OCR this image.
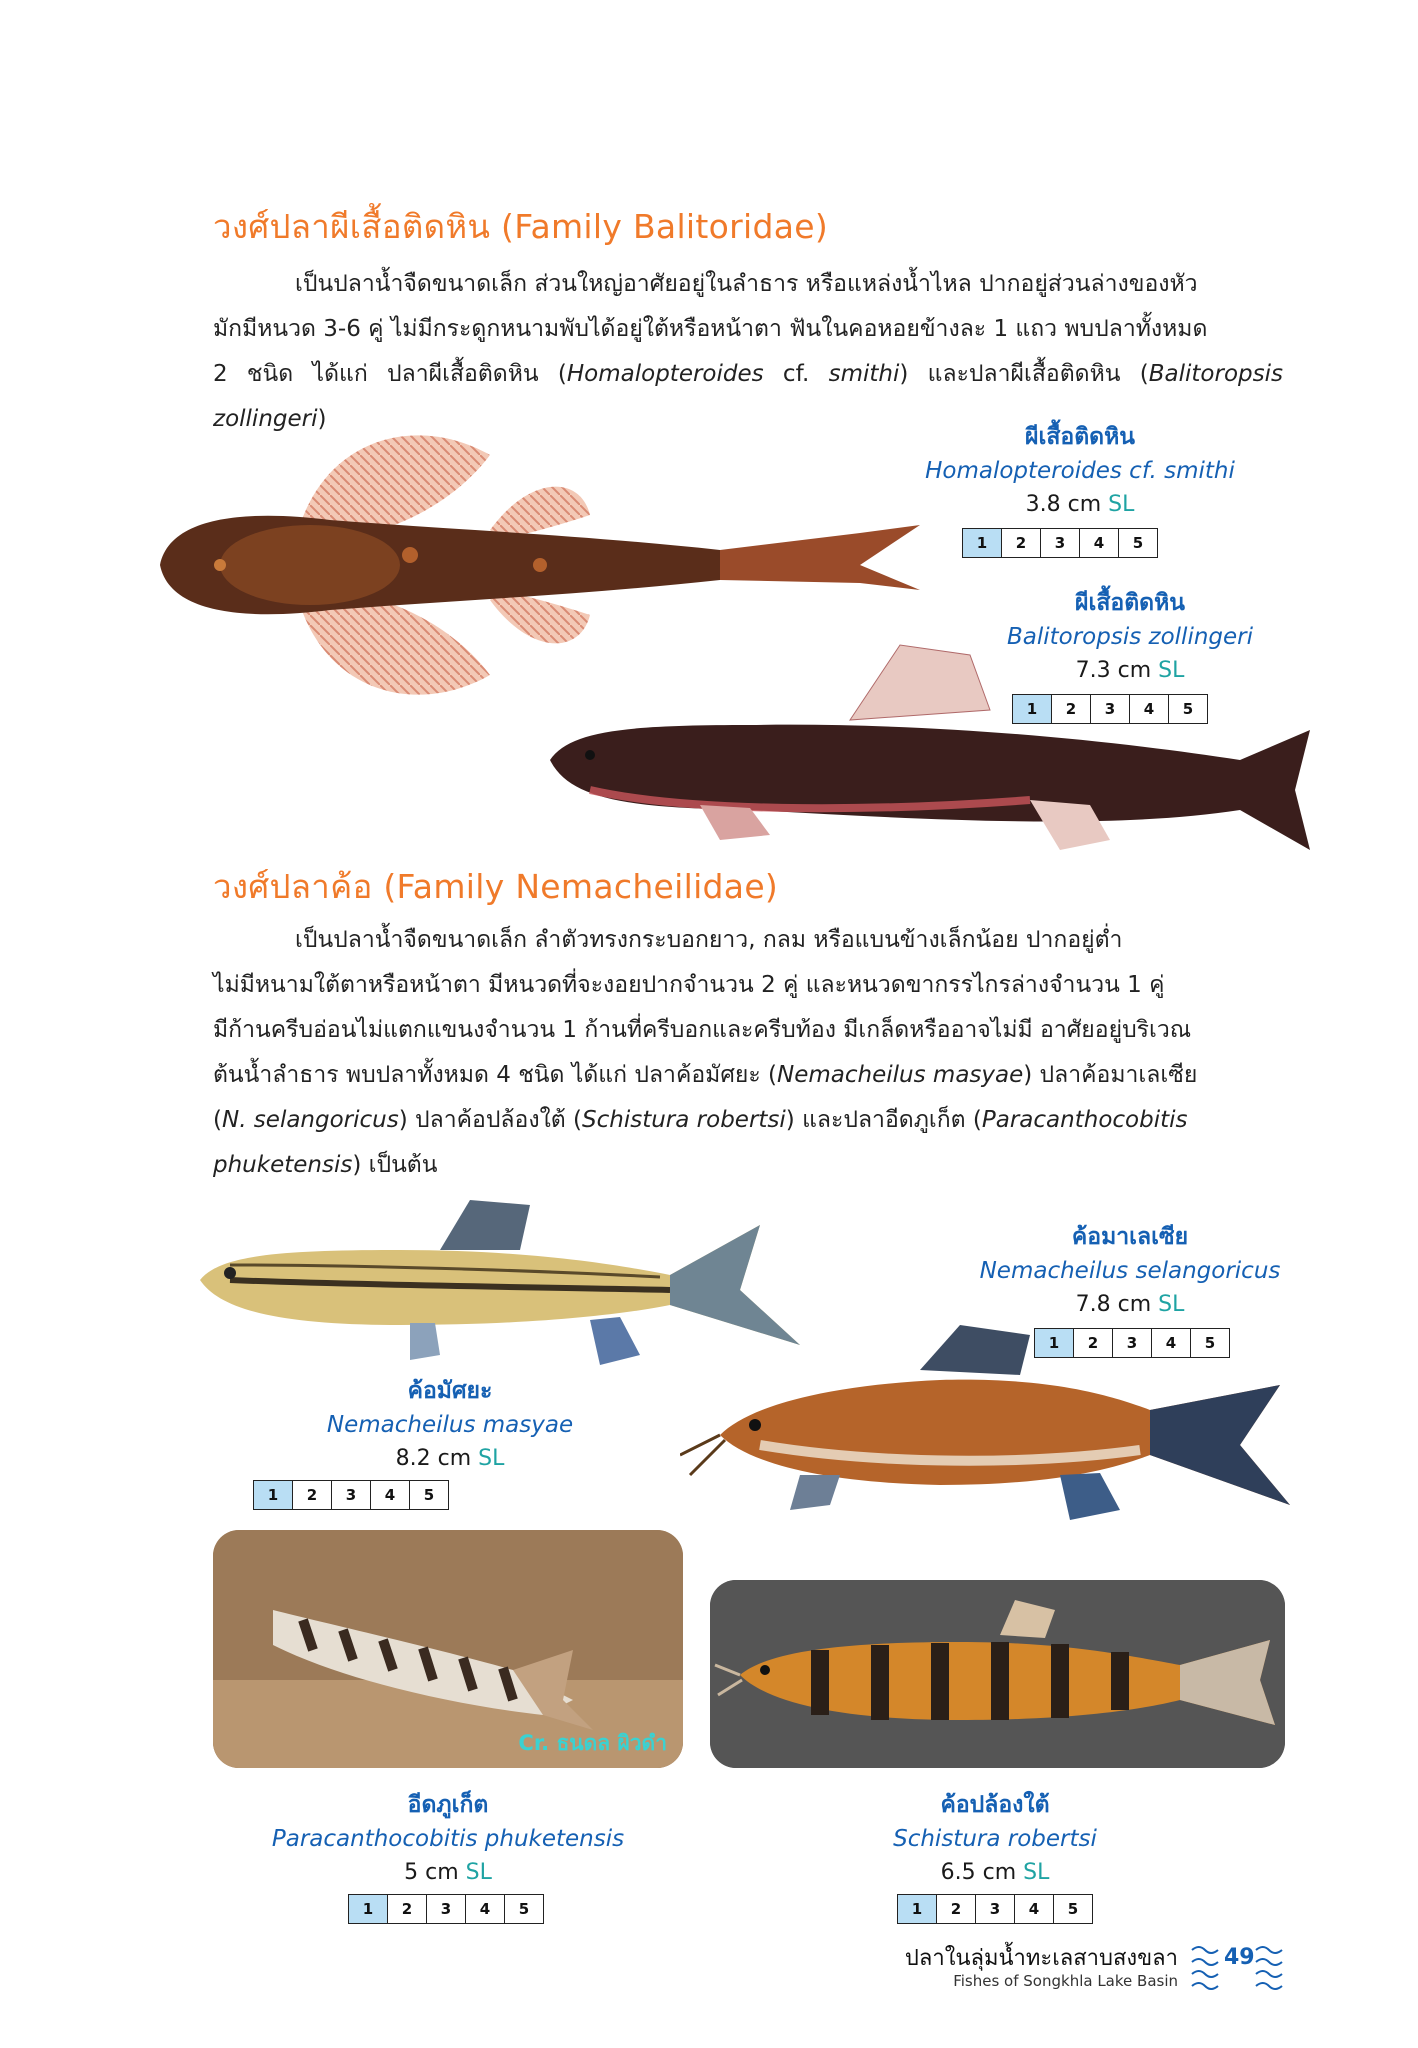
วงศ์ปลาผีเสื้อติดหิน (Family Balitoridae)

เป็นปลาน้ำจืดขนาดเล็ก ส่วนใหญ่อาศัยอยู่ในลำธาร หรือแหล่งน้ำไหล ปากอยู่ส่วนล่างของหัว

มักมีหนวด 3-6 คู่ ไม่มีกระดูกหนามพับได้อยู่ใต้หรือหน้าตา ฟันในคอหอยข้างละ 1 แถว พบปลาทั้งหมด

2 ชนิด ได้แก่ ปลาผีเสื้อติดหิน (Homalopteroides cf. smithi) และปลาผีเสื้อติดหิน (Balitoropsis zollingeri)

ผีเสื้อติดหิน
Homalopteroides cf. smithi
3.8 cm SL
1	2	3	4	5
ผีเสื้อติดหิน
Balitoropsis zollingeri
7.3 cm SL
1	2	3	4	5
วงศ์ปลาค้อ (Family Nemacheilidae)

เป็นปลาน้ำจืดขนาดเล็ก ลำตัวทรงกระบอกยาว, กลม หรือแบนข้างเล็กน้อย ปากอยู่ต่ำ

ไม่มีหนามใต้ตาหรือหน้าตา มีหนวดที่จะงอยปากจำนวน 2 คู่ และหนวดขากรรไกรล่างจำนวน 1 คู่

มีก้านครีบอ่อนไม่แตกแขนงจำนวน 1 ก้านที่ครีบอกและครีบท้อง มีเกล็ดหรืออาจไม่มี อาศัยอยู่บริเวณ

ต้นน้ำลำธาร พบปลาทั้งหมด 4 ชนิด ได้แก่ ปลาค้อมัศยะ (Nemacheilus masyae) ปลาค้อมาเลเซีย

(N. selangoricus) ปลาค้อปล้องใต้ (Schistura robertsi) และปลาอีดภูเก็ต (Paracanthocobitis

phuketensis) เป็นต้น

ค้อมาเลเซีย
Nemacheilus selangoricus
7.8 cm SL
1	2	3	4	5
ค้อมัศยะ
Nemacheilus masyae
8.2 cm SL
1	2	3	4	5
Cr. ธนดล ผิวดำ
อีดภูเก็ต
Paracanthocobitis phuketensis
5 cm SL
1	2	3	4	5
ค้อปล้องใต้
Schistura robertsi
6.5 cm SL
1	2	3	4	5
ปลาในลุ่มน้ำทะเลสาบสงขลา
Fishes of Songkhla Lake Basin
49
